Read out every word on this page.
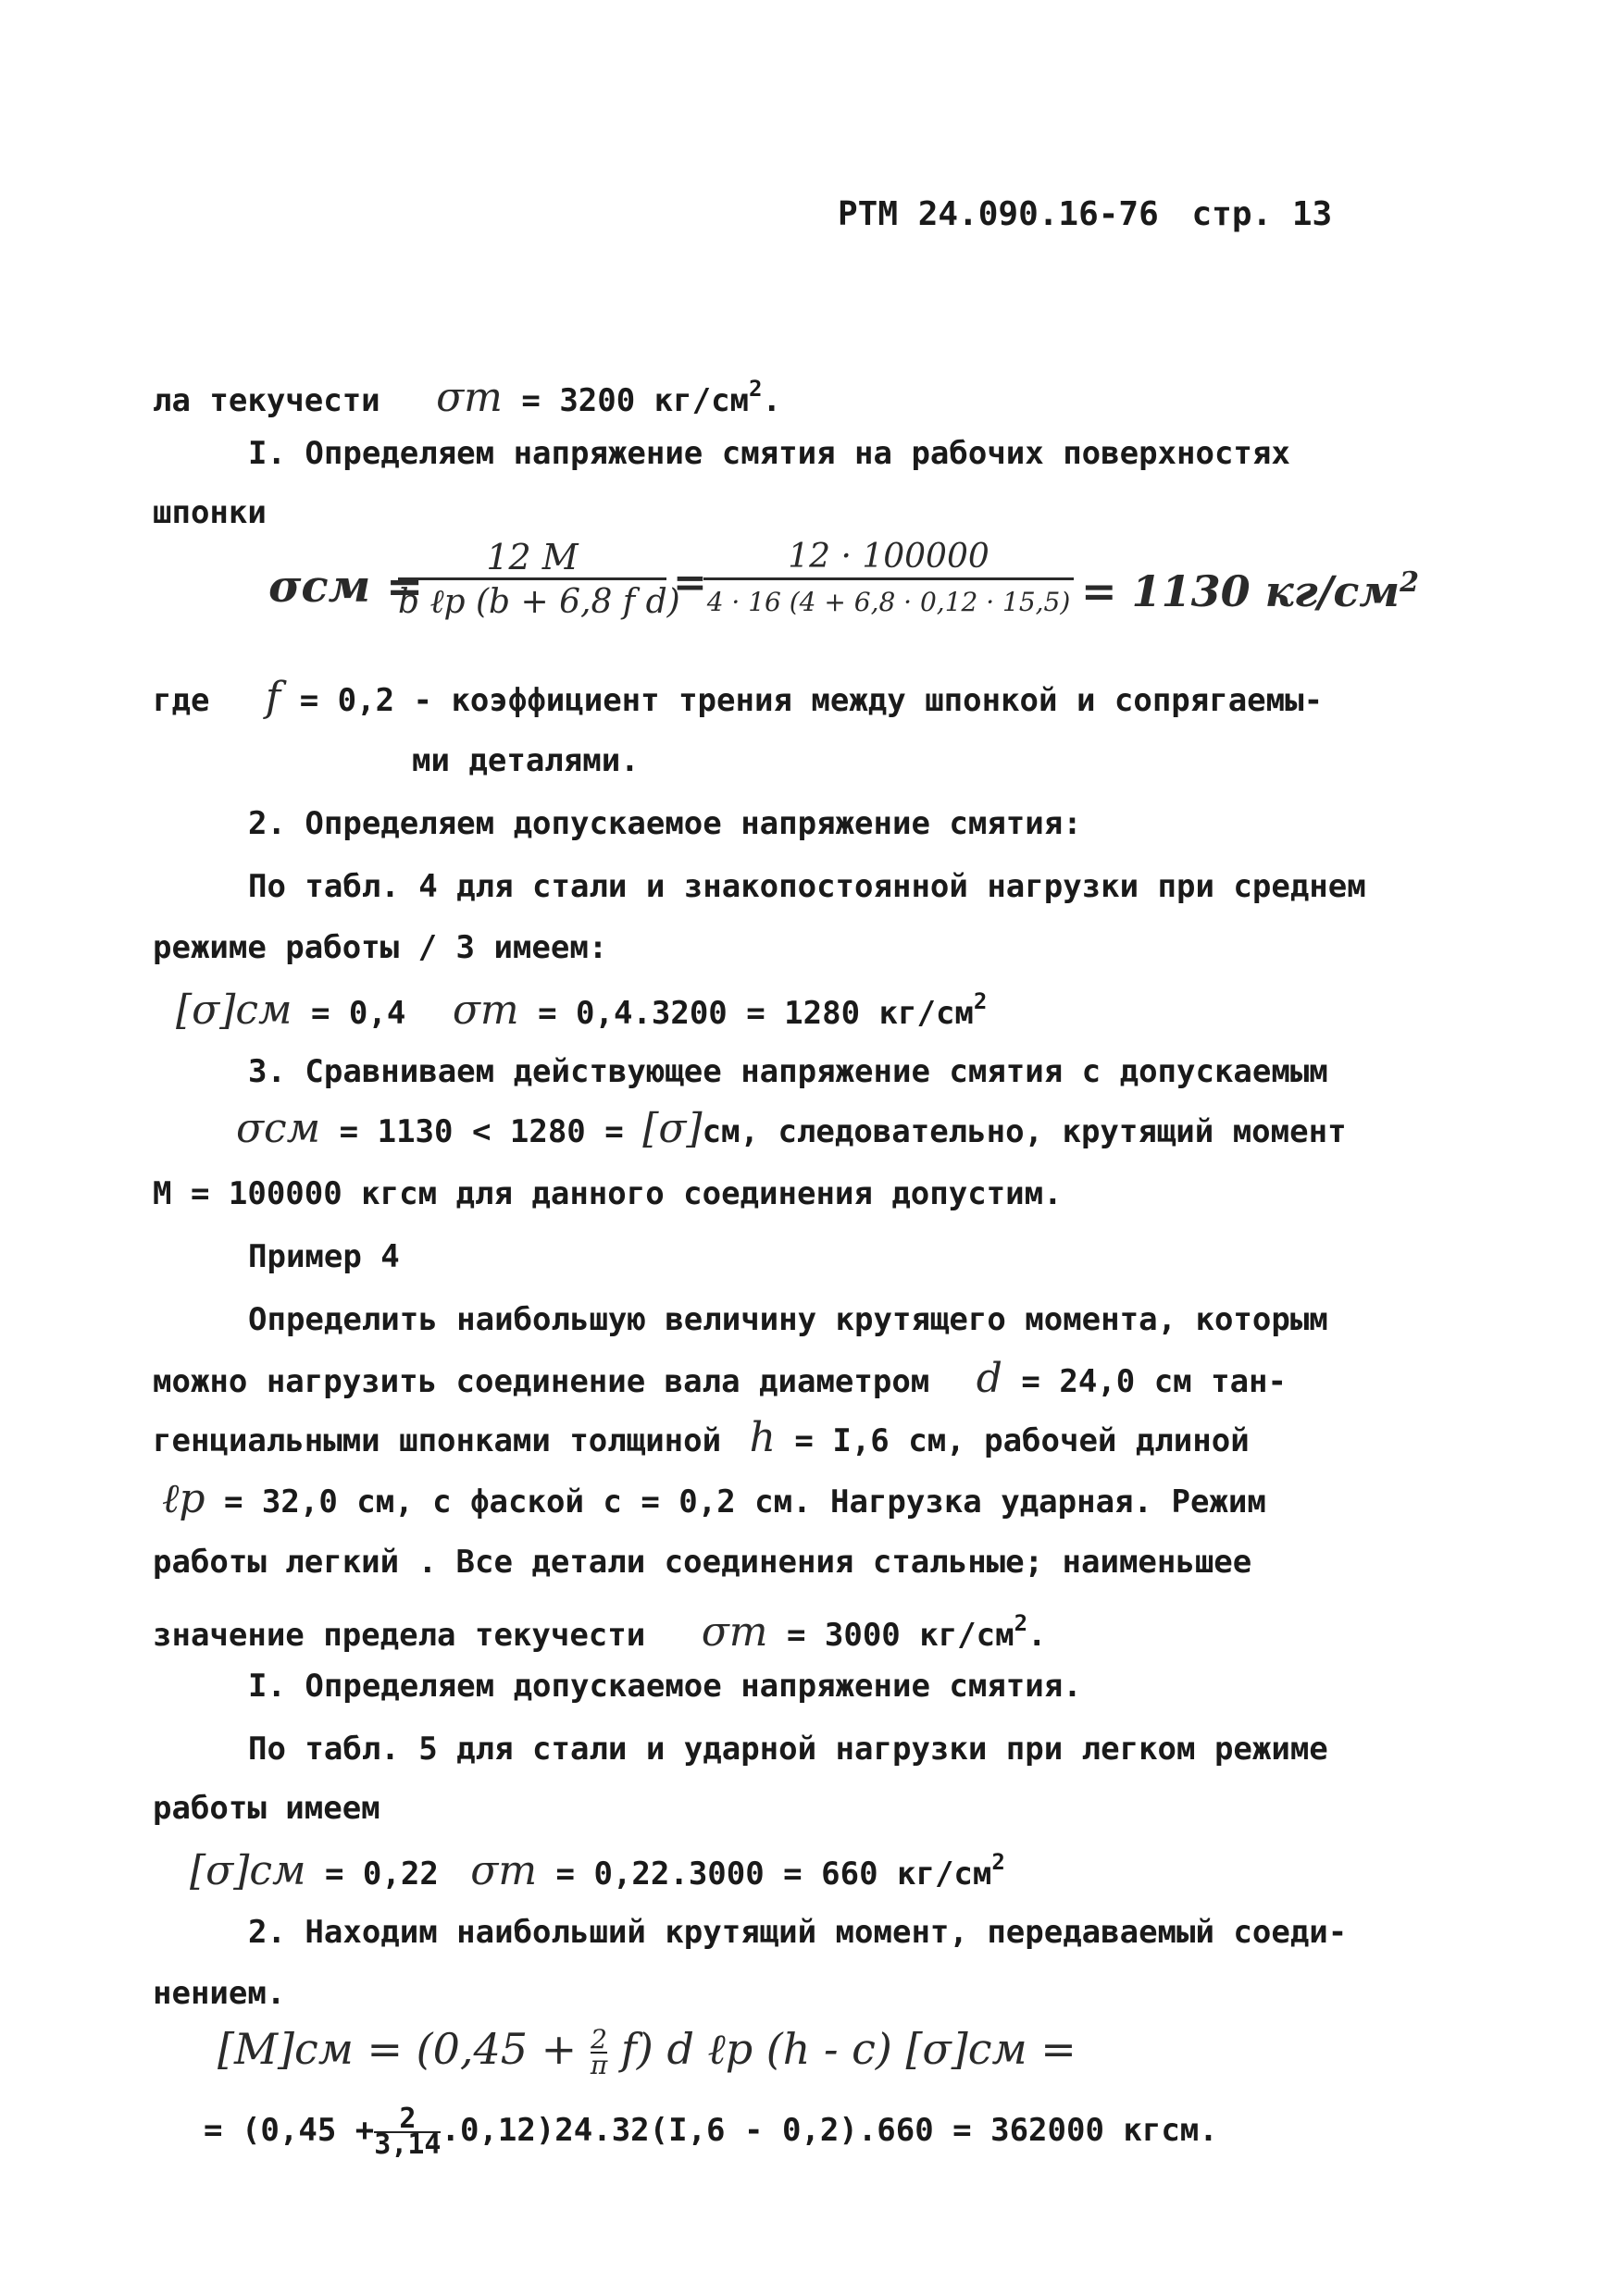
РТМ 24.090.16-76 стр. 13
ла текучести σт = 3200 $кг/см^2$.
I. Определяем напряжение смятия на рабочих поверхностях
шпонки
σсм =
12 M
b ℓр (b + 6,8 f d)
=
12 · 100000
4 · 16 (4 + 6,8 · 0,12 · 15,5) = 1130 $кг/см^2$
где f = 0,2 - коэффициент трения между шпонкой и сопрягаемы-
ми деталями.
2. Определяем допускаемое напряжение смятия:
По табл. 4 для стали и знакопостоянной нагрузки при среднем
режиме работы / 3 имеем:
[σ]см = 0,4 σт = 0,4.3200 = 1280 $кг/см^2$
3. Сравниваем действующее напряжение смятия с допускаемым
σсм = 1130 < 1280 = [σ]см, следовательно, крутящий момент
М = 100000 кгсм для данного соединения допустим.
Пример 4
Определить наибольшую величину крутящего момента, которым
можно нагрузить соединение вала диаметром d = 24,0 см тан-
генциальными шпонками толщиной h = I,6 см, рабочей длиной
ℓр = 32,0 см, с фаской с = 0,2 см. Нагрузка ударная. Режим
работы легкий . Все детали соединения стальные; наименьшее
значение предела текучести σт = 3000 $кг/см^2$.
I. Определяем допускаемое напряжение смятия.
По табл. 5 для стали и ударной нагрузки при легком режиме
работы имеем
[σ]см = 0,22 σт = 0,22.3000 = 660 $кг/см^2$
2. Находим наибольший крутящий момент, передаваемый соеди-
нением.
$[M]см = (0,45 + \frac{2}{\pi} f)$ d ℓр (h - c) [σ]см =
= $(0,45 + \frac{2}{3,14} .0,12)24.32(I,6 - 0,2).660 = 362000$ кгсм.
